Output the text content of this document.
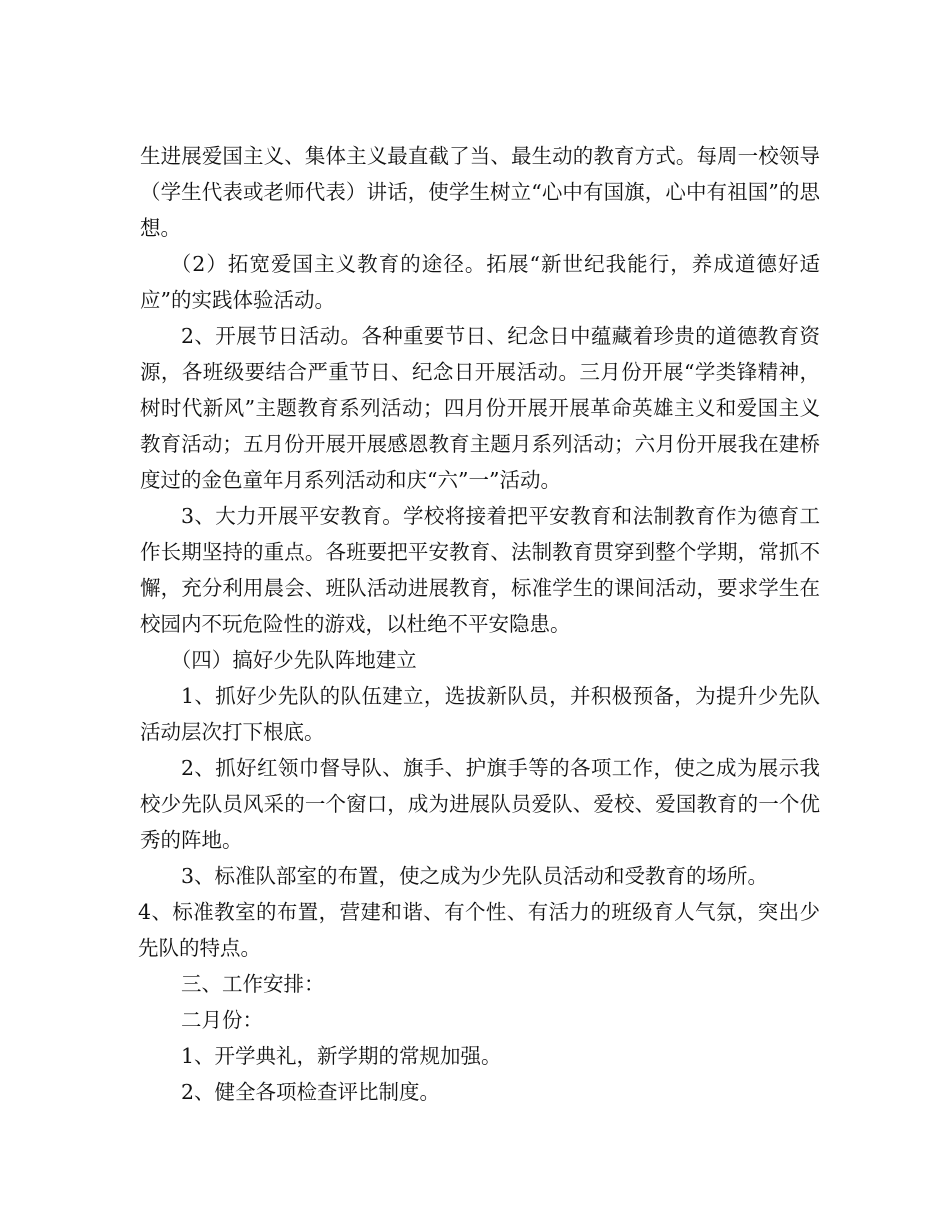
生进展爱国主义、集体主义最直截了当、最生动的教育方式。每周一校领导（学生代表或老师代表）讲话，使学生树立“心中有国旗，心中有祖国”的思想。

（2）拓宽爱国主义教育的途径。拓展“新世纪我能行，养成道德好适应”的实践体验活动。

2、开展节日活动。各种重要节日、纪念日中蕴藏着珍贵的道德教育资源，各班级要结合严重节日、纪念日开展活动。三月份开展“学类锋精神，树时代新风”主题教育系列活动；四月份开展开展革命英雄主义和爱国主义教育活动；五月份开展开展感恩教育主题月系列活动；六月份开展我在建桥度过的金色童年月系列活动和庆“六”一”活动。

3、大力开展平安教育。学校将接着把平安教育和法制教育作为德育工作长期坚持的重点。各班要把平安教育、法制教育贯穿到整个学期，常抓不懈，充分利用晨会、班队活动进展教育，标准学生的课间活动，要求学生在校园内不玩危险性的游戏，以杜绝不平安隐患。

（四）搞好少先队阵地建立

1、抓好少先队的队伍建立，选拔新队员，并积极预备，为提升少先队活动层次打下根底。

2、抓好红领巾督导队、旗手、护旗手等的各项工作，使之成为展示我校少先队员风采的一个窗口，成为进展队员爱队、爱校、爱国教育的一个优秀的阵地。

3、标准队部室的布置，使之成为少先队员活动和受教育的场所。

4、标准教室的布置，营建和谐、有个性、有活力的班级育人气氛，突出少先队的特点。

三、工作安排：

二月份：

1、开学典礼，新学期的常规加强。

2、健全各项检查评比制度。
